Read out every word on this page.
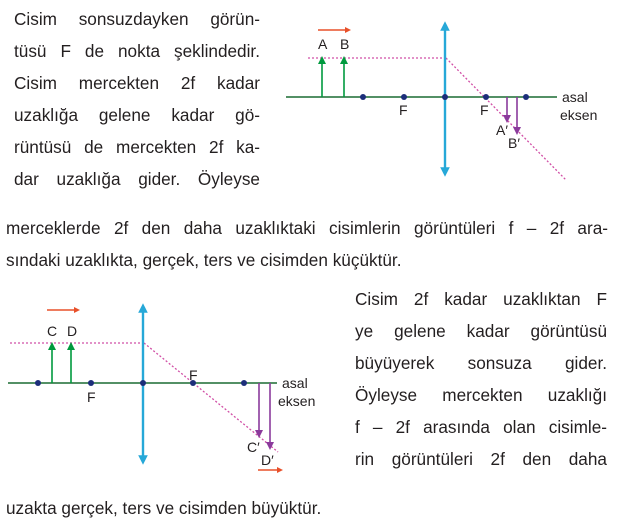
Cisim sonsuzdayken görün-
tüsü F de nokta şeklindedir.
Cisim mercekten 2f kadar
uzaklığa gelene kadar gö-
rüntüsü de mercekten 2f ka-
dar uzaklığa gider. Öyleyse
merceklerde 2f den daha uzaklıktaki cisimlerin görüntüleri f – 2f ara-
sındaki uzaklıkta, gerçek, ters ve cisimden küçüktür.
Cisim 2f kadar uzaklıktan F
ye gelene kadar görüntüsü
büyüyerek sonsuza gider.
Öyleyse mercekten uzaklığı
f – 2f arasında olan cisimle-
rin görüntüleri 2f den daha
uzakta gerçek, ters ve cisimden büyüktür.
A B
F	F
A′
B′
asal
eksen
C D
F
F
C′
D′
asal
eksen
